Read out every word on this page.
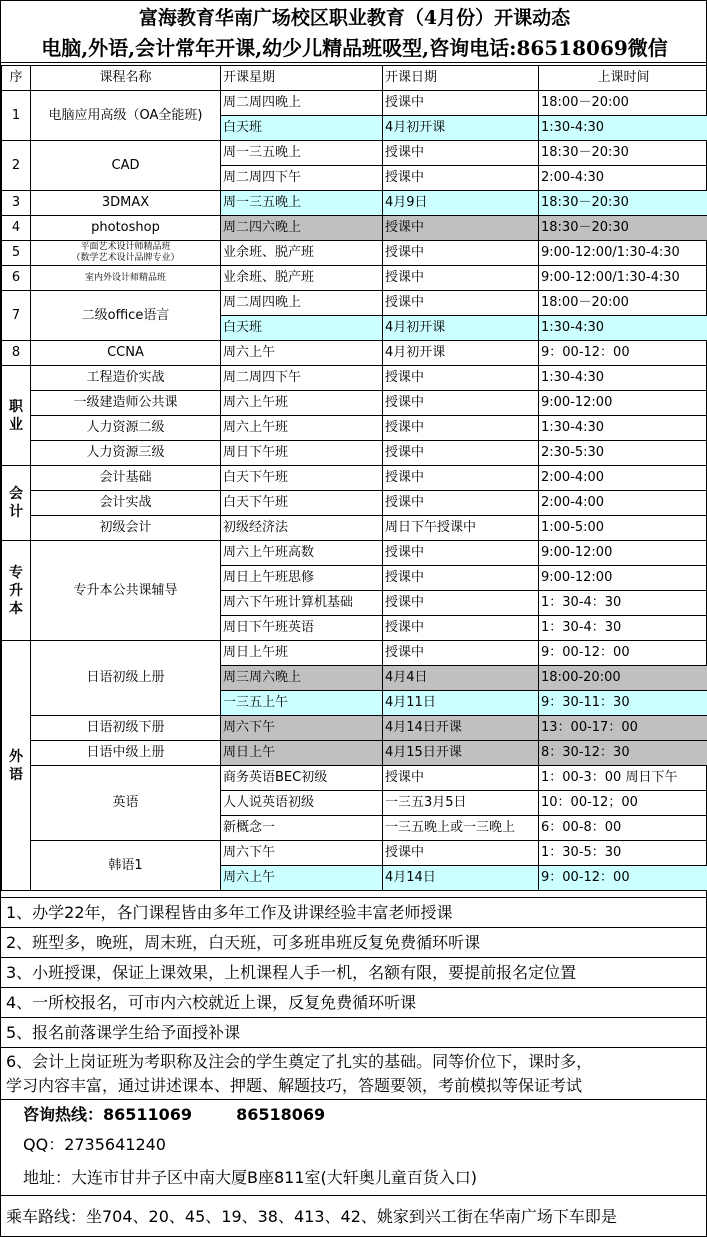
富海教育华南广场校区职业教育（4月份）开课动态
电脑,外语,会计常年开课,幼少儿精品班吸型,咨询电话:86518069微信
序	课程名称	开课星期	开课日期	上课时间
1	电脑应用高级（OA全能班)	周二周四晚上	授课中	18:00－20:00
		白天班	4月初开课	1:30-4:30
2	CAD	周一三五晚上	授课中	18:30－20:30
		周二周四下午	授课中	2:00-4:30
3	3DMAX	周一三五晚上	4月9日	18:30－20:30
4	photoshop	周二四六晚上	授课中	18:30－20:30
5	平面艺术设计师精品班
（数学艺术设计品牌专业）	业余班、脱产班	授课中	9:00-12:00/1:30-4:30
6	室内外设计师精品班	业余班、脱产班	授课中	9:00-12:00/1:30-4:30
7	二级office语言	周二周四晚上	授课中	18:00－20:00
		白天班	4月初开课	1:30-4:30
8	CCNA	周六上午	4月初开课	9：00-12：00
职业	工程造价实战	周二周四下午	授课中	1:30-4:30
	一级建造师公共课	周六上午班	授课中	9:00-12:00
	人力资源二级	周六上午班	授课中	1:30-4:30
	人力资源三级	周日下午班	授课中	2:30-5:30
会计	会计基础	白天下午班	授课中	2:00-4:00
	会计实战	白天下午班	授课中	2:00-4:00
	初级会计	初级经济法	周日下午授课中	1:00-5:00
专升本	专升本公共课辅导	周六上午班高数	授课中	9:00-12:00
		周日上午班思修	授课中	9:00-12:00
		周六下午班计算机基础	授课中	1：30-4：30
		周日下午班英语	授课中	1：30-4：30
外语	日语初级上册	周日上午班	授课中	9：00-12：00
		周三周六晚上	4月4日	18:00-20:00
		一三五上午	4月11日	9：30-11：30
	日语初级下册	周六下午	4月14日开课	13：00-17：00
	日语中级上册	周日上午	4月15日开课	8：30-12：30
	英语	商务英语BEC初级	授课中	1：00-3：00 周日下午
		人人说英语初级	一三五3月5日	10：00-12；00
		新概念一	一三五晚上或一三晚上	6：00-8：00
	韩语1	周六下午	授课中	1：30-5：30
		周六上午	4月14日	9：00-12：00
1、办学22年，各门课程皆由多年工作及讲课经验丰富老师授课
2、班型多，晚班，周末班，白天班，可多班串班反复免费循环听课
3、小班授课，保证上课效果，上机课程人手一机，名额有限，要提前报名定位置
4、一所校报名，可市内六校就近上课，反复免费循环听课
5、报名前落课学生给予面授补课
6、会计上岗证班为考职称及注会的学生奠定了扎实的基础。同等价位下，课时多，
学习内容丰富，通过讲述课本、押题、解题技巧，答题要领，考前模拟等保证考试
咨询热线：86511069	86518069
QQ：2735641240
地址：大连市甘井子区中南大厦B座811室(大轩奥儿童百货入口)
乘车路线：坐704、20、45、19、38、413、42、姚家到兴工街在华南广场下车即是
